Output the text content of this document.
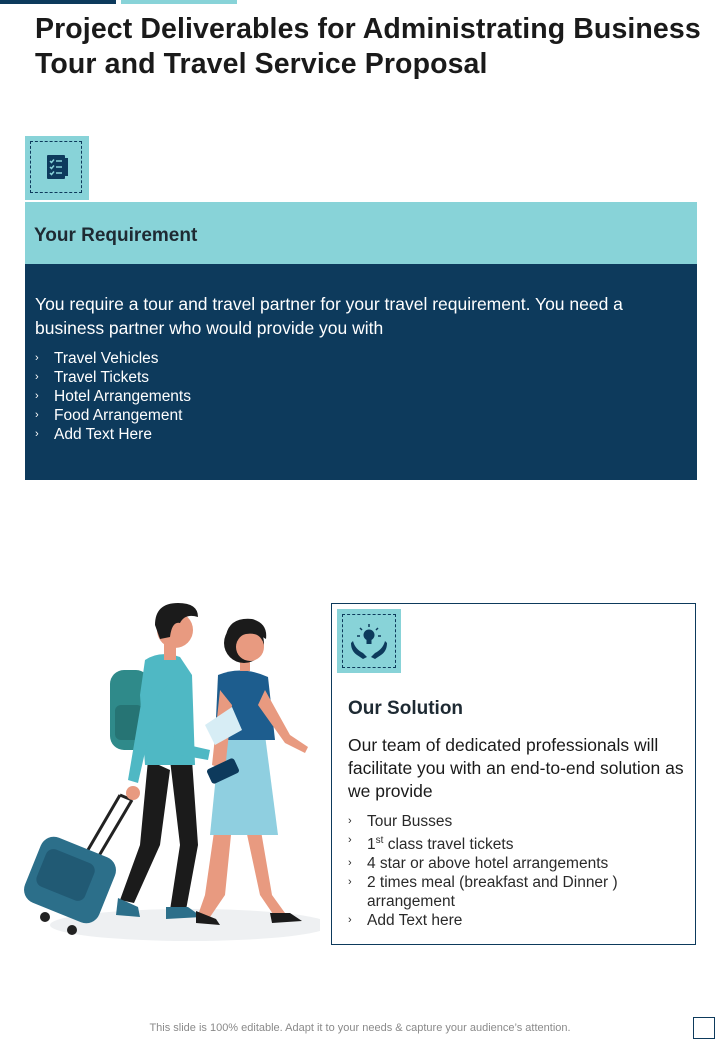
Project Deliverables for Administrating Business Tour and Travel Service Proposal
Your Requirement
You require a tour and travel partner for your travel requirement. You need a business partner who would provide you with
› Travel Vehicles
› Travel Tickets
› Hotel Arrangements
› Food Arrangement
› Add Text Here
Our Solution
Our team of dedicated professionals will facilitate you with an end-to-end solution as we provide
› Tour Busses
› 1st class travel tickets
› 4 star or above hotel arrangements
› 2 times meal (breakfast and Dinner ) arrangement
› Add Text here
This slide is 100% editable. Adapt it to your needs & capture your audience’s attention.
